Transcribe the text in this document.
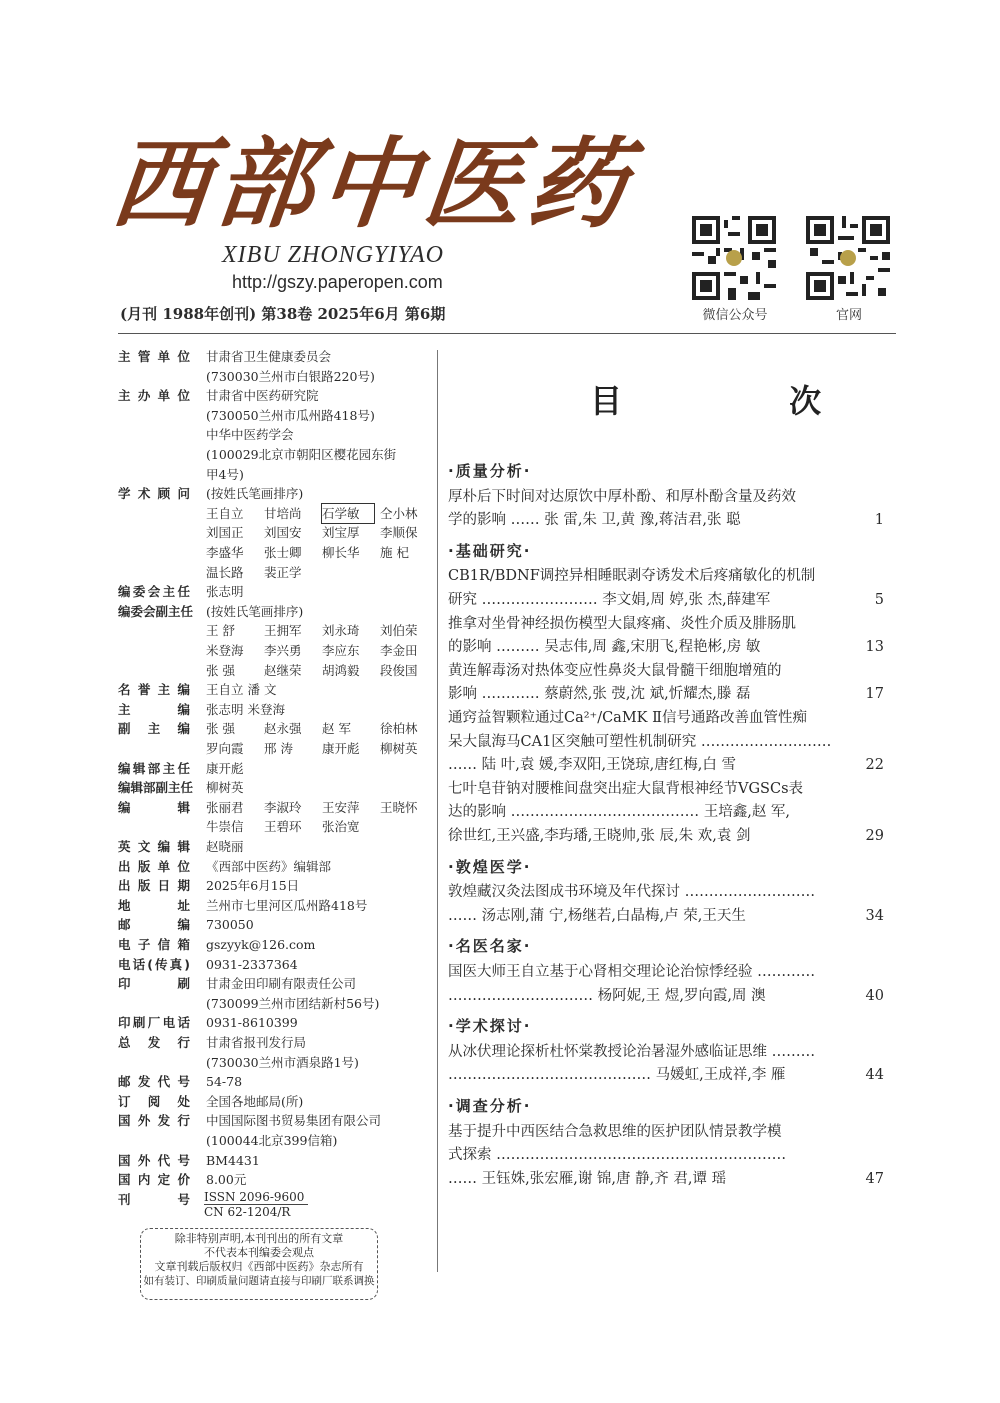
西部中医药
XIBU ZHONGYIYAO
http://gszy.paperopen.com
(月刊 1988年创刊) 第38卷 2025年6月 第6期	微信公众号	官网
主管单位 甘肃省卫生健康委员会
(730030兰州市白银路220号)
主办单位 甘肃省中医药研究院
(730050兰州市瓜州路418号)
中华中医药学会
(100029北京市朝阳区樱花园东街
甲4号)
学术顾问 (按姓氏笔画排序)
王自立 甘培尚 石学敏 仝小林
刘国正 刘国安 刘宝厚 李顺保
李盛华 张士卿 柳长华 施 杞
温长路 裴正学
编委会主任 张志明
编委会副主任 (按姓氏笔画排序)
王 舒 王拥军 刘永琦 刘伯荣
米登海 李兴勇 李应东 李金田
张 强 赵继荣 胡鸿毅 段俊国
名誉主编 王自立 潘 文
主 编 张志明 米登海
副主编 张 强 赵永强 赵 军 徐柏林
罗向霞 邢 涛 康开彪 柳树英
编辑部主任 康开彪
编辑部副主任 柳树英
编 辑 张丽君 李淑玲 王安萍 王晓怀
牛崇信 王碧环 张治宽
英文编辑 赵晓丽
出版单位 《西部中医药》编辑部
出版日期 2025年6月15日
地 址 兰州市七里河区瓜州路418号
邮 编 730050
电子信箱 gszyyk@126.com
电话(传真) 0931-2337364
印 刷 甘肃金田印刷有限责任公司
(730099兰州市团结新村56号)
印刷厂电话 0931-8610399
总 发 行 甘肃省报刊发行局
(730030兰州市酒泉路1号)
邮发代号 54-78
订 阅 处 全国各地邮局(所)
国外发行 中国国际图书贸易集团有限公司
(100044北京399信箱)
国外代号 BM4431
国内定价 8.00元
刊 号 ISSN 2096-9600
CN 62-1204/R
除非特别声明,本刊刊出的所有文章
不代表本刊编委会观点
文章刊载后版权归《西部中医药》杂志所有
如有装订、印刷质量问题请直接与印刷厂联系调换
目 次
·质量分析·
厚朴后下时间对达原饮中厚朴酚、和厚朴酚含量及药效
学的影响 …… 张 雷,朱 卫,黄 豫,蒋洁君,张 聪	1
·基础研究·
CB1R/BDNF调控异相睡眠剥夺诱发术后疼痛敏化的机制
研究 …………………… 李文娟,周 婷,张 杰,薛建军	5
推拿对坐骨神经损伤模型大鼠疼痛、炎性介质及腓肠肌
的影响 ……… 吴志伟,周 鑫,宋朋飞,程艳彬,房 敏	13
黄连解毒汤对热体变应性鼻炎大鼠骨髓干细胞增殖的
影响 ………… 蔡蔚然,张 弢,沈 斌,忻耀杰,滕 磊	17
通窍益智颗粒通过Ca²⁺/CaMK Ⅱ信号通路改善血管性痴
呆大鼠海马CA1区突触可塑性机制研究 ………………………
…… 陆 叶,袁 媛,李双阳,王饶琼,唐红梅,白 雪	22
七叶皂苷钠对腰椎间盘突出症大鼠背根神经节VGSCs表
达的影响 ………………………………… 王培鑫,赵 军,
徐世红,王兴盛,李玙璠,王晓帅,张 辰,朱 欢,袁 剑	29
·敦煌医学·
敦煌藏汉灸法图成书环境及年代探讨 ………………………
…… 汤志刚,蒲 宁,杨继若,白晶梅,卢 荣,王天生	34
·名医名家·
国医大师王自立基于心肾相交理论论治惊悸经验 …………
………………………… 杨阿妮,王 煜,罗向霞,周 澳	40
·学术探讨·
从冰伏理论探析杜怀棠教授论治暑湿外感临证思维 ………
…………………………………… 马媛虹,王成祥,李 雁	44
·调查分析·
基于提升中西医结合急救思维的医护团队情景教学模
式探索 ……………………………………………………
…… 王钰姝,张宏雁,谢 锦,唐 静,齐 君,谭 瑶	47
